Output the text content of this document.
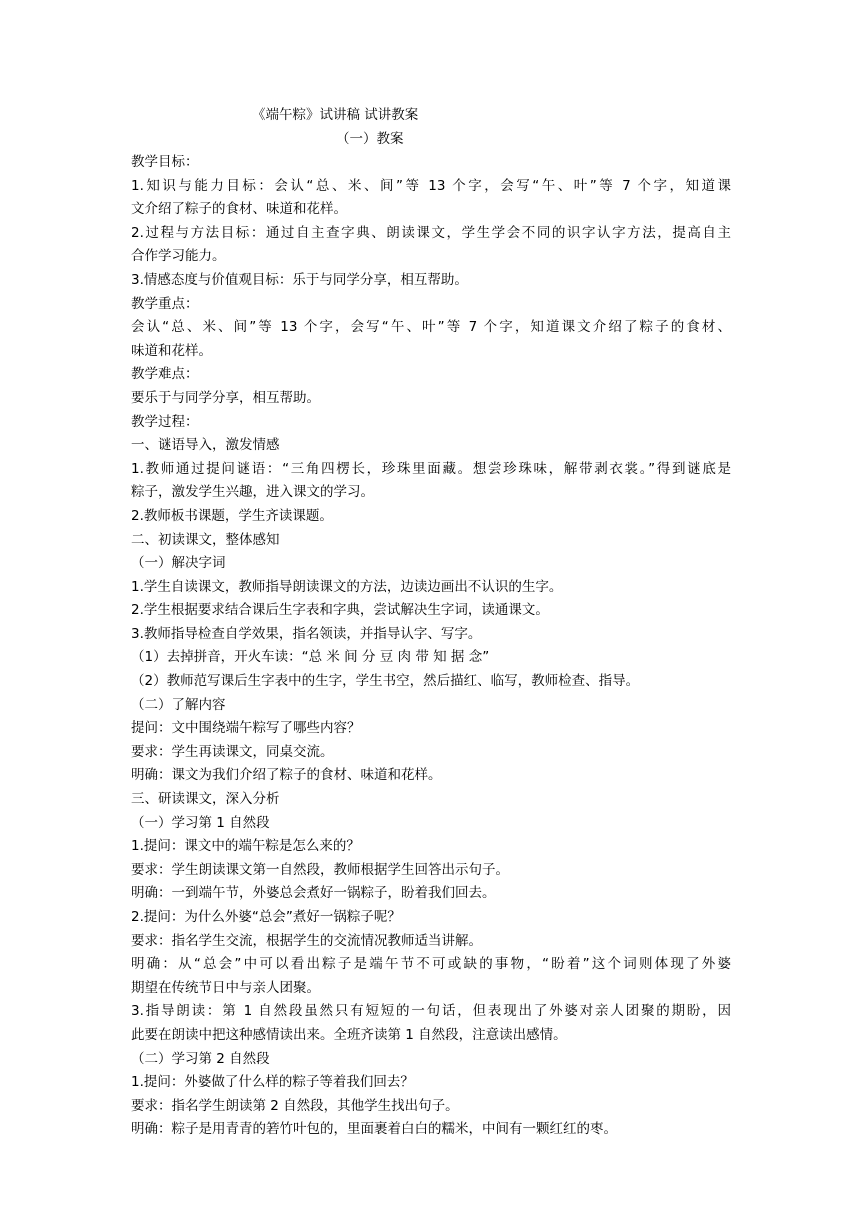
《端午粽》试讲稿 试讲教案
（一）教案
教学目标：
1.知识与能力目标：会认“总、米、间”等 13 个字，会写“午、叶”等 7 个字，知道课
文介绍了粽子的食材、味道和花样。
2.过程与方法目标：通过自主查字典、朗读课文，学生学会不同的识字认字方法，提高自主
合作学习能力。
3.情感态度与价值观目标：乐于与同学分享，相互帮助。
教学重点：
会认“总、米、间”等 13 个字，会写“午、叶”等 7 个字，知道课文介绍了粽子的食材、
味道和花样。
教学难点：
要乐于与同学分享，相互帮助。
教学过程：
一、谜语导入，激发情感
1.教师通过提问谜语：“三角四楞长，珍珠里面藏。想尝珍珠味，解带剥衣裳。”得到谜底是
粽子，激发学生兴趣，进入课文的学习。
2.教师板书课题，学生齐读课题。
二、初读课文，整体感知
（一）解决字词
1.学生自读课文，教师指导朗读课文的方法，边读边画出不认识的生字。
2.学生根据要求结合课后生字表和字典，尝试解决生字词，读通课文。
3.教师指导检查自学效果，指名领读，并指导认字、写字。
（1）去掉拼音，开火车读：“总 米 间 分 豆 肉 带 知 据 念”
（2）教师范写课后生字表中的生字，学生书空，然后描红、临写，教师检查、指导。
（二）了解内容
提问：文中围绕端午粽写了哪些内容？
要求：学生再读课文，同桌交流。
明确：课文为我们介绍了粽子的食材、味道和花样。
三、研读课文，深入分析
（一）学习第 1 自然段
1.提问：课文中的端午粽是怎么来的？
要求：学生朗读课文第一自然段，教师根据学生回答出示句子。
明确：一到端午节，外婆总会煮好一锅粽子，盼着我们回去。
2.提问：为什么外婆“总会”煮好一锅粽子呢？
要求：指名学生交流，根据学生的交流情况教师适当讲解。
明确：从“总会”中可以看出粽子是端午节不可或缺的事物，“盼着”这个词则体现了外婆
期望在传统节日中与亲人团聚。
3.指导朗读：第 1 自然段虽然只有短短的一句话，但表现出了外婆对亲人团聚的期盼，因
此要在朗读中把这种感情读出来。全班齐读第 1 自然段，注意读出感情。
（二）学习第 2 自然段
1.提问：外婆做了什么样的粽子等着我们回去？
要求：指名学生朗读第 2 自然段，其他学生找出句子。
明确：粽子是用青青的箬竹叶包的，里面裹着白白的糯米，中间有一颗红红的枣。
